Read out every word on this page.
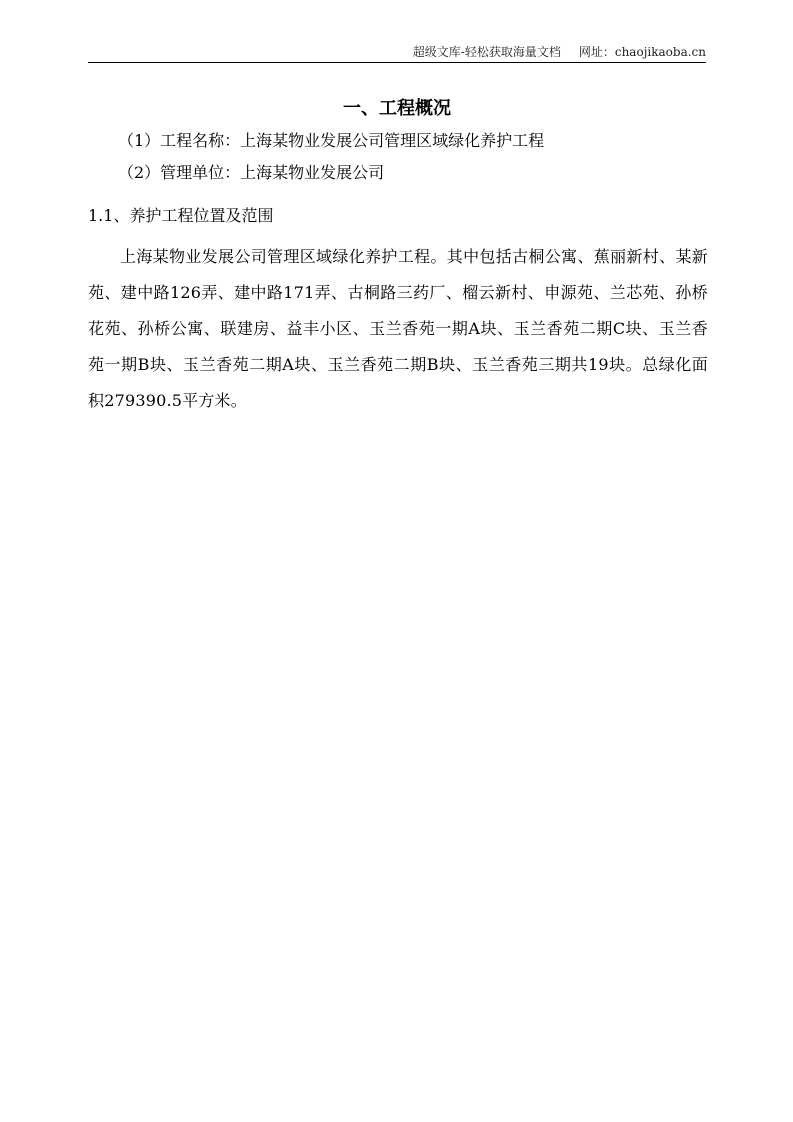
超级文库-轻松获取海量文档 网址：chaojikaoba.cn
一、工程概况
（1）工程名称：上海某物业发展公司管理区域绿化养护工程
（2）管理单位：上海某物业发展公司
1.1、养护工程位置及范围

上海某物业发展公司管理区域绿化养护工程。其中包括古桐公寓、蕉丽新村、某新苑、建中路126弄、建中路171弄、古桐路三药厂、榴云新村、申源苑、兰芯苑、孙桥花苑、孙桥公寓、联建房、益丰小区、玉兰香苑一期A块、玉兰香苑二期C块、玉兰香苑一期B块、玉兰香苑二期A块、玉兰香苑二期B块、玉兰香苑三期共19块。总绿化面积279390.5平方米。
